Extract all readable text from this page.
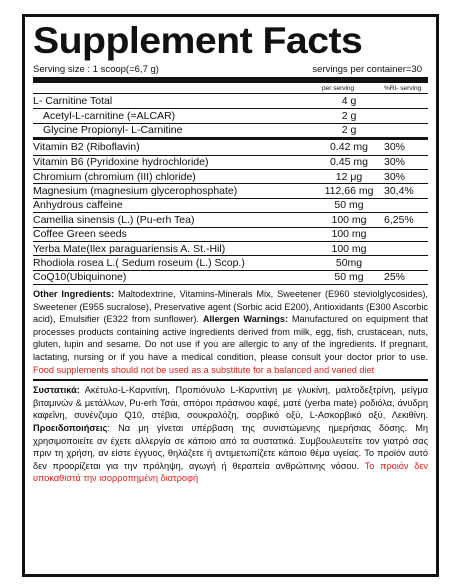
Supplement Facts
Serving size : 1 scoop(=6,7 g)	servings per container=30
per serving	%RI- serving
L- Carnitine Total	4 g
Acetyl-L-carnitine (=ALCAR)	2 g
Glycine Propionyl- L-Carnitine	2 g
Vitamin B2 (Riboflavin)	0.42 mg	30%
Vitamin B6 (Pyridoxine hydrochloride)	0.45 mg	30%
Chromium (chromium (III) chloride)	12 μg	30%
Magnesium (magnesium glycerophosphate)	112,66 mg	30,4%
Anhydrous caffeine	50 mg
Camellia sinensis (L.) (Pu-erh Tea)	100 mg	6,25%
Coffee Green seeds	100 mg
Yerba Mate(Ilex paraguariensis A. St.-Hil)	100 mg
Rhodiola rosea L.( Sedum roseum (L.) Scop.)	50mg
CoQ10(Ubiquinone)	50 mg	25%
Other Ingredients: Maltodextrine, Vitamins-Minerals Mix, Sweetener (E960 steviolglycosides), Sweetener (E955 sucralose), Preservative agent (Sorbic acid E200), Antioxidants (E300 Ascorbic acid), Emulsifier (E322 from sunflower). Allergen Warnings: Manufactured on equipment that processes products containing active ingredients derived from milk, egg, fish, crustacean, nuts, gluten, lupin and sesame. Do not use if you are allergic to any of the ingredients. If pregnant, lactating, nursing or if you have a medical condition, please consult your doctor prior to use. Food supplements should not be used as a substitute for a balanced and varied diet
Συστατικά: Ακέτυλο-L-Καρνιτίνη, Προπιόνυλο L-Καρνιτίνη με γλυκίνη, μαλτοδεξτρίνη, μείγμα βιταμινών & μετάλλων, Pu-erh Τσάι, σπόροι πράσινου καφέ, ματέ (yerba mate) ροδιόλα, άνυδρη καφεΐνη, συνένζυμο Q10, στέβια, σουκραλόζη, σορβικό οξύ, L-Ασκορβικό οξύ, Λεκιθίνη. Προειδοποιήσεις: Να μη γίνεται υπέρβαση της συνιστώμενης ημερήσιας δόσης. Μη χρησιμοποιείτε αν έχετε αλλεργία σε κάποιο από τα συστατικά. Συμβουλευτείτε τον γιατρό σας πριν τη χρήση, αν είστε έγγυος, θηλάζετε ή αντιμετωπίζετε κάποιο θέμα υγείας. Το προϊόν αυτό δεν προορίζεται για την πρόληψη, αγωγή ή θεραπεία ανθρώπινης νόσου. Το προιόν δεν υποκαθιστά την ισορροπημένη διατροφή
